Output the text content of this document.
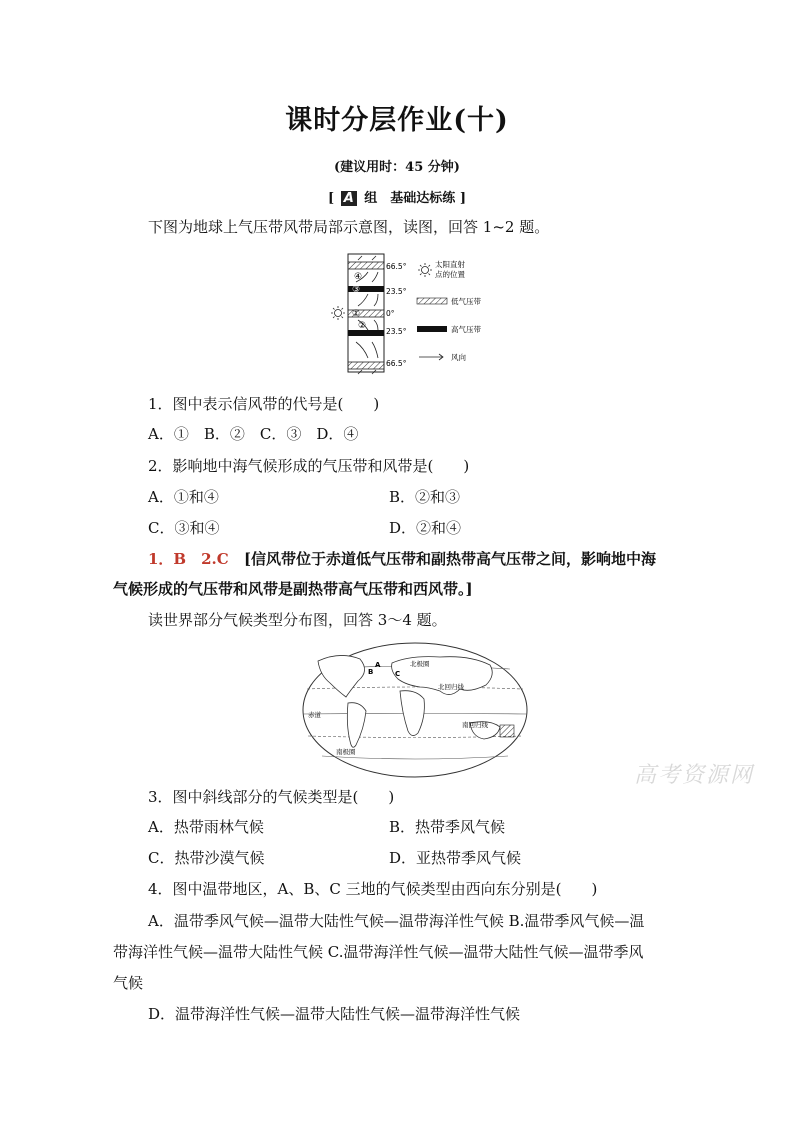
课时分层作业(十)
(建议用时：45 分钟)
[ A 组　基础达标练 ]
下图为地球上气压带风带局部示意图，读图，回答 1~2 题。
④
③
①
②
66.5°
23.5°
0°
23.5°
66.5°
太阳直射
点的位置
低气压带
高气压带
风向
1．图中表示信风带的代号是(　　)
A．①　B．②　C．③　D．④
2．影响地中海气候形成的气压带和风带是(　　)
A．①和④	B．②和③
C．③和④	D．②和④
1．B　2.C [信风带位于赤道低气压带和副热带高气压带之间，影响地中海
气候形成的气压带和风带是副热带高气压带和西风带。]
读世界部分气候类型分布图，回答 3～4 题。
A
B	C
北极圈
北回归线
赤道
南回归线
南极圈
高考资源网
3．图中斜线部分的气候类型是(　　)
A．热带雨林气候	B．热带季风气候
C．热带沙漠气候	D．亚热带季风气候
4．图中温带地区，A、B、C 三地的气候类型由西向东分别是(　　)
A．温带季风气候—温带大陆性气候—温带海洋性气候 B.温带季风气候—温
带海洋性气候—温带大陆性气候 C.温带海洋性气候—温带大陆性气候—温带季风
气候
D．温带海洋性气候—温带大陆性气候—温带海洋性气候
